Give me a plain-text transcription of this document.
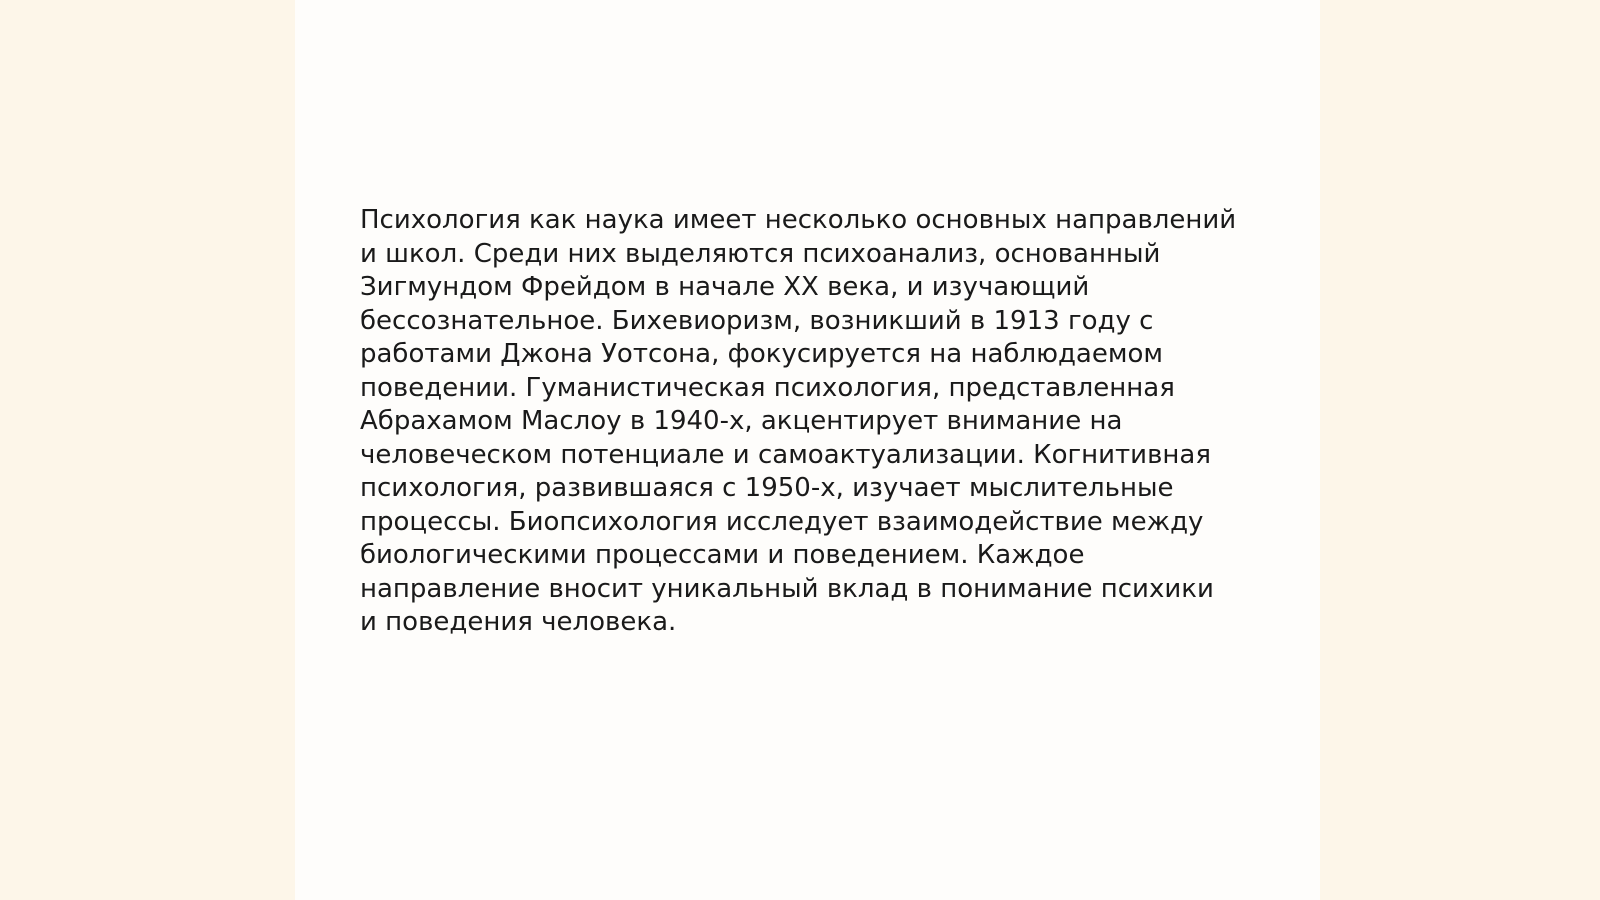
Психология как наука имеет несколько основных направлений
и школ. Среди них выделяются психоанализ, основанный
Зигмундом Фрейдом в начале XX века, и изучающий
бессознательное. Бихевиоризм, возникший в 1913 году с
работами Джона Уотсона, фокусируется на наблюдаемом
поведении. Гуманистическая психология, представленная
Абрахамом Маслоу в 1940-х, акцентирует внимание на
человеческом потенциале и самоактуализации. Когнитивная
психология, развившаяся с 1950-х, изучает мыслительные
процессы. Биопсихология исследует взаимодействие между
биологическими процессами и поведением. Каждое
направление вносит уникальный вклад в понимание психики
и поведения человека.
